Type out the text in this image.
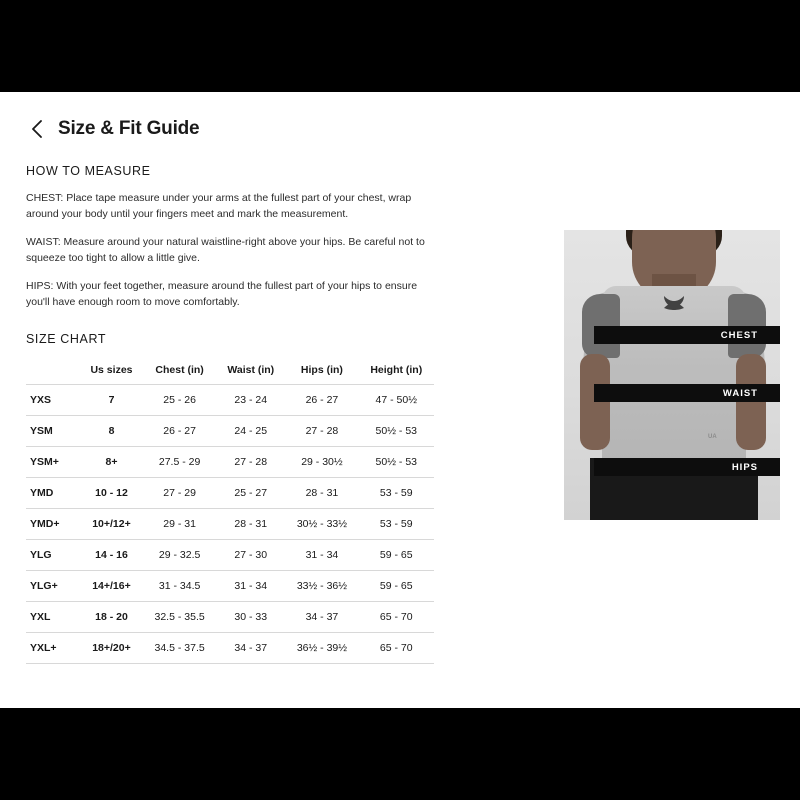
Size & Fit Guide
HOW TO MEASURE

CHEST: Place tape measure under your arms at the fullest part of your chest, wrap around your body until your fingers meet and mark the measurement.

WAIST: Measure around your natural waistline-right above your hips. Be careful not to squeeze too tight to allow a little give.

HIPS: With your feet together, measure around the fullest part of your hips to ensure you'll have enough room to move comfortably.

SIZE CHART
	Us sizes	Chest (in)	Waist (in)	Hips (in)	Height (in)
YXS	7	25 - 26	23 - 24	26 - 27	47 - 50½
YSM	8	26 - 27	24 - 25	27 - 28	50½ - 53
YSM+	8+	27.5 - 29	27 - 28	29 - 30½	50½ - 53
YMD	10 - 12	27 - 29	25 - 27	28 - 31	53 - 59
YMD+	10+/12+	29 - 31	28 - 31	30½ - 33½	53 - 59
YLG	14 - 16	29 - 32.5	27 - 30	31 - 34	59 - 65
YLG+	14+/16+	31 - 34.5	31 - 34	33½ - 36½	59 - 65
YXL	18 - 20	32.5 - 35.5	30 - 33	34 - 37	65 - 70
YXL+	18+/20+	34.5 - 37.5	34 - 37	36½ - 39½	65 - 70
UA
CHEST
WAIST
HIPS
